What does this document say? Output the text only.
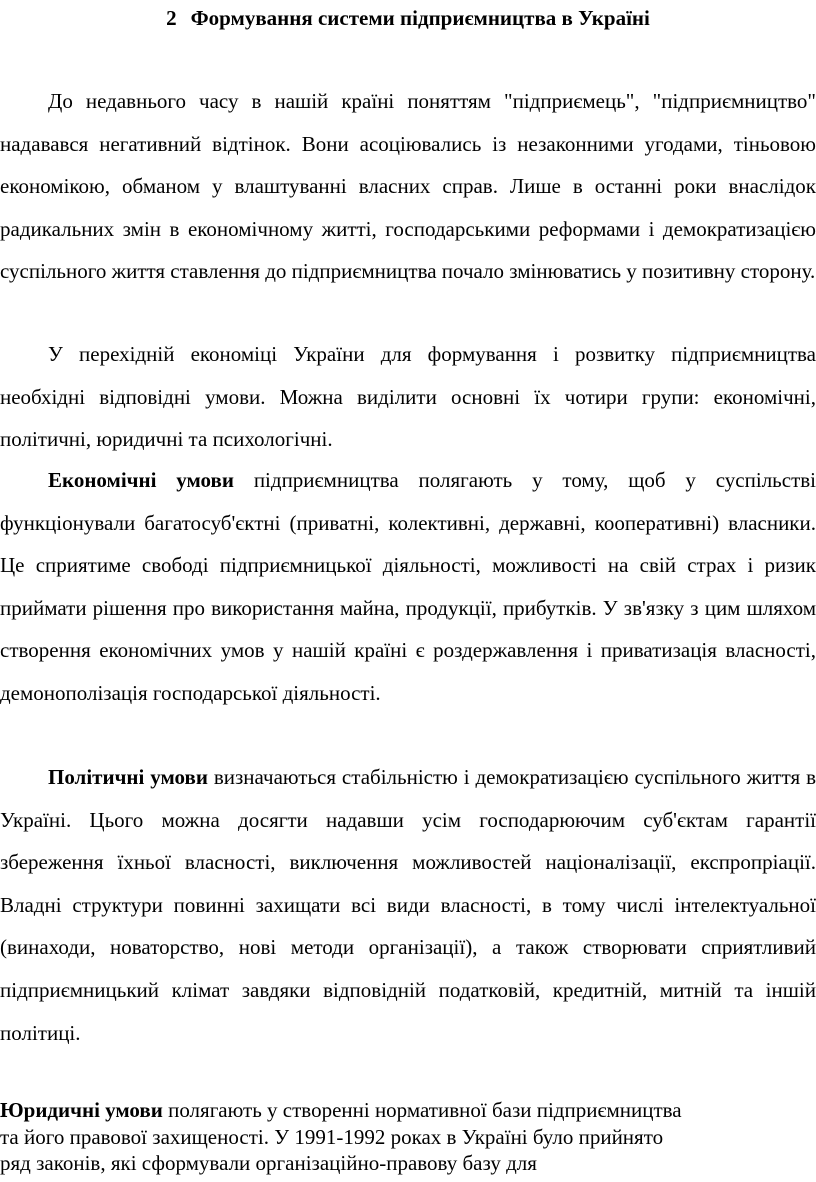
2 Формування системи підприємництва в Україні

До недавнього часу в нашій країні поняттям "підприємець", "підприємництво" надавався негативний відтінок. Вони асоціювались із незаконними угодами, тіньовою економікою, обманом у влаштуванні власних справ. Лише в останні роки внаслідок радикальних змін в економічному житті, господарськими реформами і демократизацією суспільного життя ставлення до підприємництва почало змінюватись у позитивну сторону.

У перехідній економіці України для формування і розвитку підприємництва необхідні відповідні умови. Можна виділити основні їх чотири групи: економічні, політичні, юридичні та психологічні.

Економічні умови підприємництва полягають у тому, щоб у суспільстві функціонували багатосуб'єктні (приватні, колективні, державні, кооперативні) власники. Це сприятиме свободі підприємницької діяльності, можливості на свій страх і ризик приймати рішення про використання майна, продукції, прибутків. У зв'язку з цим шляхом створення економічних умов у нашій країні є роздержавлення і приватизація власності, демонополізація господарської діяльності.

Політичні умови визначаються стабільністю і демократизацією суспільного життя в Україні. Цього можна досягти надавши усім господарюючим суб'єктам гарантії збереження їхньої власності, виключення можливостей націоналізації, експропріації. Владні структури повинні захищати всі види власності, в тому числі інтелектуальної (винаходи, новаторство, нові методи організації), а також створювати сприятливий підприємницький клімат завдяки відповідній податковій, кредитній, митній та іншій політиці.

Юридичні умови полягають у створенні нормативної бази підприємництва

та його правової захищеності. У 1991-1992 роках в Україні було прийнято

ряд законів, які сформували організаційно-правову базу для
